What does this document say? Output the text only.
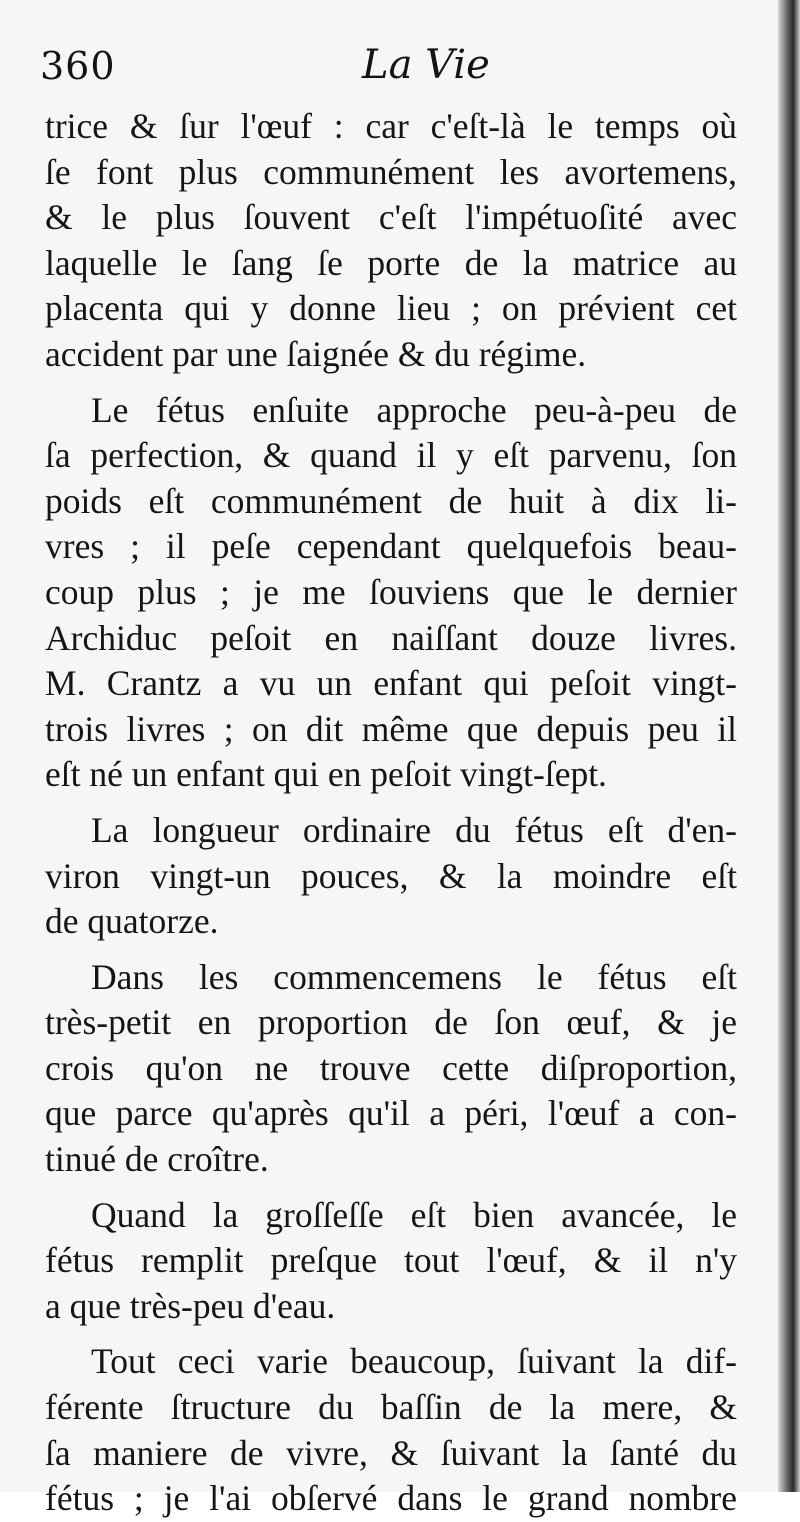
360	La Vie
trice & ſur l'œuf : car c'eſt-là le temps où
ſe font plus communément les avortemens,
& le plus ſouvent c'eſt l'impétuoſité avec
laquelle le ſang ſe porte de la matrice au
placenta qui y donne lieu ; on prévient cet
accident par une ſaignée & du régime.
Le fétus enſuite approche peu-à-peu de
ſa perfection, & quand il y eſt parvenu, ſon
poids eſt communément de huit à dix li-
vres ; il peſe cependant quelquefois beau-
coup plus ; je me ſouviens que le dernier
Archiduc peſoit en naiſſant douze livres.
M. Crantz a vu un enfant qui peſoit vingt-
trois livres ; on dit même que depuis peu il
eſt né un enfant qui en peſoit vingt-ſept.
La longueur ordinaire du fétus eſt d'en-
viron vingt-un pouces, & la moindre eſt
de quatorze.
Dans les commencemens le fétus eſt
très-petit en proportion de ſon œuf, & je
crois qu'on ne trouve cette diſproportion,
que parce qu'après qu'il a péri, l'œuf a con-
tinué de croître.
Quand la groſſeſſe eſt bien avancée, le
fétus remplit preſque tout l'œuf, & il n'y
a que très-peu d'eau.
Tout ceci varie beaucoup, ſuivant la dif-
férente ſtructure du baſſin de la mere, &
ſa maniere de vivre, & ſuivant la ſanté du
fétus ; je l'ai obſervé dans le grand nombre
